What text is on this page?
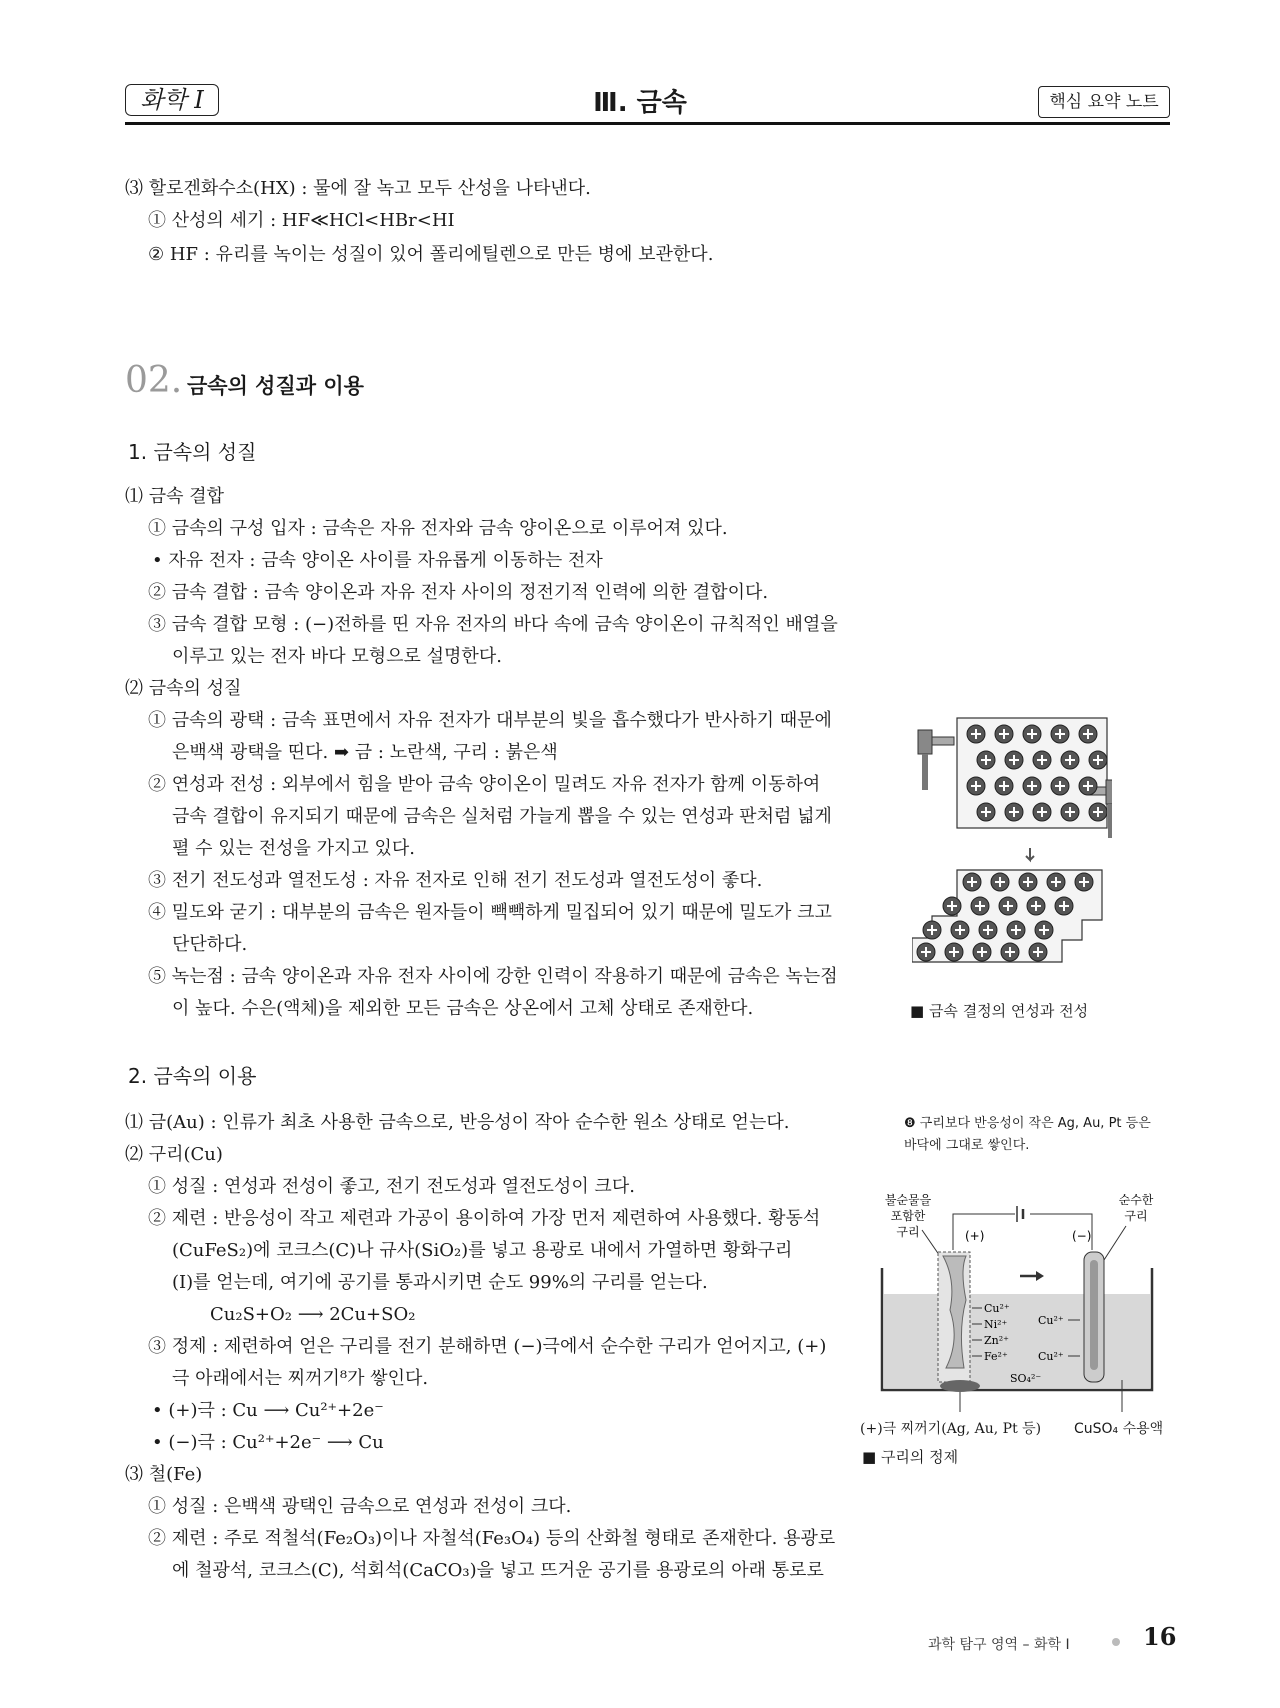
화학 Ⅰ	Ⅲ. 금속	핵심 요약 노트
⑶ 할로겐화수소(HX) : 물에 잘 녹고 모두 산성을 나타낸다.
① 산성의 세기 : HF≪HCl<HBr<HI
② HF : 유리를 녹이는 성질이 있어 폴리에틸렌으로 만든 병에 보관한다.
02. 금속의 성질과 이용
1. 금속의 성질
⑴ 금속 결합
① 금속의 구성 입자 : 금속은 자유 전자와 금속 양이온으로 이루어져 있다.
• 자유 전자 : 금속 양이온 사이를 자유롭게 이동하는 전자
② 금속 결합 : 금속 양이온과 자유 전자 사이의 정전기적 인력에 의한 결합이다.
③ 금속 결합 모형 : (−)전하를 띤 자유 전자의 바다 속에 금속 양이온이 규칙적인 배열을
이루고 있는 전자 바다 모형으로 설명한다.
⑵ 금속의 성질
① 금속의 광택 : 금속 표면에서 자유 전자가 대부분의 빛을 흡수했다가 반사하기 때문에
은백색 광택을 띤다. ➡ 금 : 노란색, 구리 : 붉은색
② 연성과 전성 : 외부에서 힘을 받아 금속 양이온이 밀려도 자유 전자가 함께 이동하여
금속 결합이 유지되기 때문에 금속은 실처럼 가늘게 뽑을 수 있는 연성과 판처럼 넓게
펼 수 있는 전성을 가지고 있다.
③ 전기 전도성과 열전도성 : 자유 전자로 인해 전기 전도성과 열전도성이 좋다.
④ 밀도와 굳기 : 대부분의 금속은 원자들이 빽빽하게 밀집되어 있기 때문에 밀도가 크고
단단하다.
⑤ 녹는점 : 금속 양이온과 자유 전자 사이에 강한 인력이 작용하기 때문에 금속은 녹는점
이 높다. 수은(액체)을 제외한 모든 금속은 상온에서 고체 상태로 존재한다.	■ 금속 결정의 연성과 전성
2. 금속의 이용
⑴ 금(Au) : 인류가 최초 사용한 금속으로, 반응성이 작아 순수한 원소 상태로 얻는다.
⑵ 구리(Cu)
① 성질 : 연성과 전성이 좋고, 전기 전도성과 열전도성이 크다.
② 제련 : 반응성이 작고 제련과 가공이 용이하여 가장 먼저 제련하여 사용했다. 황동석
(CuFeS₂)에 코크스(C)나 규사(SiO₂)를 넣고 용광로 내에서 가열하면 황화구리
(Ⅰ)를 얻는데, 여기에 공기를 통과시키면 순도 99%의 구리를 얻는다.
Cu₂S+O₂ ⟶ 2Cu+SO₂
③ 정제 : 제련하여 얻은 구리를 전기 분해하면 (−)극에서 순수한 구리가 얻어지고, (+)
극 아래에서는 찌꺼기⁸가 쌓인다.
• (+)극 : Cu ⟶ Cu²⁺+2e⁻
• (−)극 : Cu²⁺+2e⁻ ⟶ Cu
⑶ 철(Fe)
① 성질 : 은백색 광택인 금속으로 연성과 전성이 크다.
② 제련 : 주로 적철석(Fe₂O₃)이나 자철석(Fe₃O₄) 등의 산화철 형태로 존재한다. 용광로
에 철광석, 코크스(C), 석회석(CaCO₃)을 넣고 뜨거운 공기를 용광로의 아래 통로로
❽ 구리보다 반응성이 작은 Ag, Au, Pt 등은
바닥에 그대로 쌓인다.
불순물을
포함한
구리
순수한
구리
(+)	(−)
Cu²⁺
Ni²⁺
Zn²⁺
Fe²⁺
Cu²⁺
Cu²⁺
SO₄²⁻
(+)극 찌꺼기(Ag, Au, Pt 등) CuSO₄ 수용액
■ 구리의 정제
과학 탐구 영역 – 화학 Ⅰ	16
